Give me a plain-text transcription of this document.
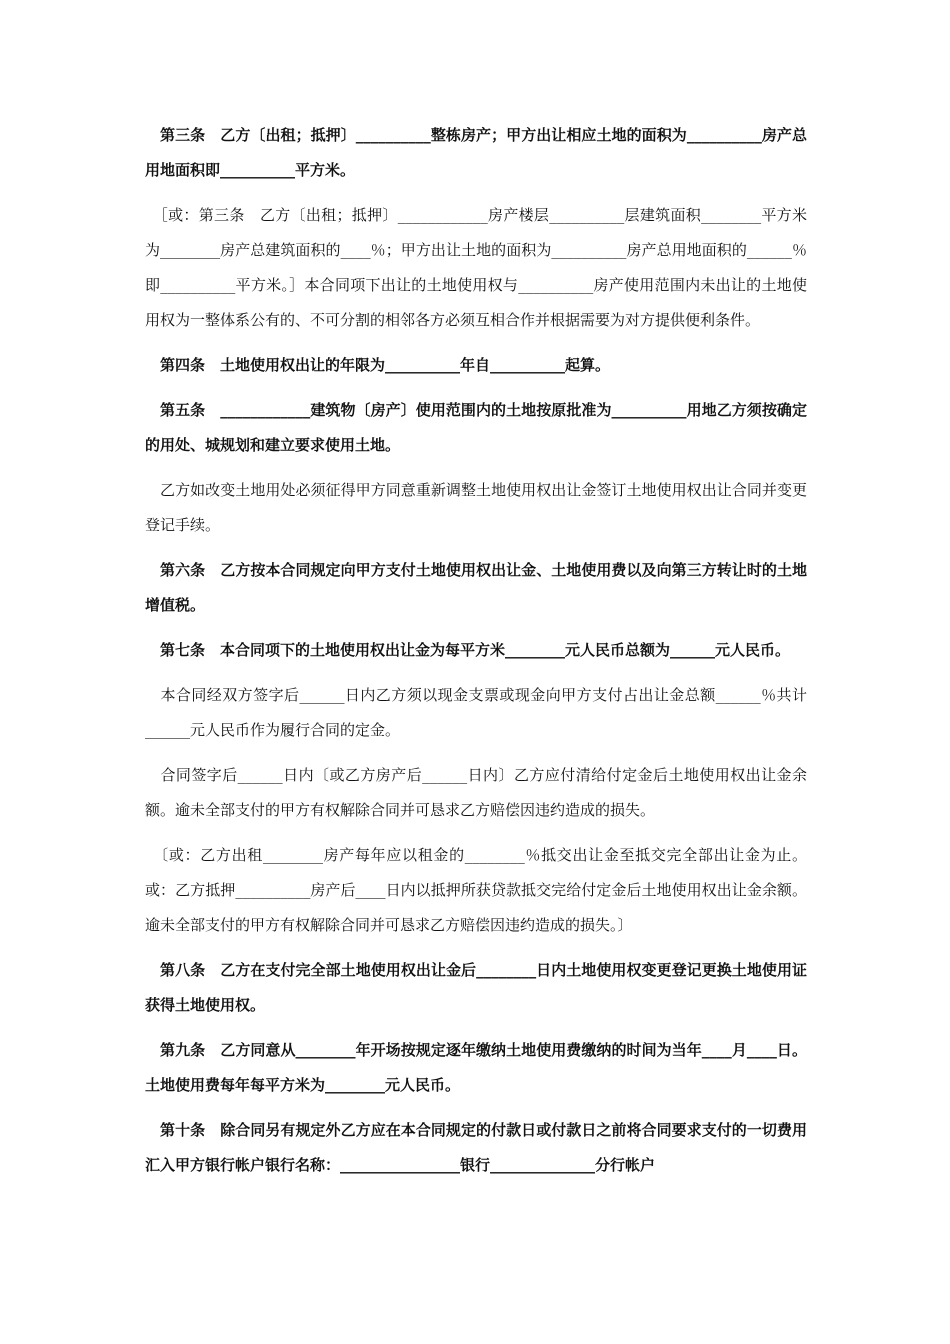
　第三条　乙方〔出租；抵押〕__________整栋房产；甲方出让相应土地的面积为__________房产总用地面积即__________平方米。
　［或：第三条　乙方〔出租；抵押〕____________房产楼层__________层建筑面积________平方米为________房产总建筑面积的____％；甲方出让土地的面积为__________房产总用地面积的______％即__________平方米。］本合同项下出让的土地使用权与__________房产使用范围内未出让的土地使用权为一整体系公有的、不可分割的相邻各方必须互相合作并根据需要为对方提供便利条件。
　第四条　土地使用权出让的年限为__________年自__________起算。
　第五条　____________建筑物〔房产〕使用范围内的土地按原批准为__________用地乙方须按确定的用处、城规划和建立要求使用土地。
　乙方如改变土地用处必须征得甲方同意重新调整土地使用权出让金签订土地使用权出让合同并变更登记手续。
　第六条　乙方按本合同规定向甲方支付土地使用权出让金、土地使用费以及向第三方转让时的土地增值税。
　第七条　本合同项下的土地使用权出让金为每平方米________元人民币总额为______元人民币。
　本合同经双方签字后______日内乙方须以现金支票或现金向甲方支付占出让金总额______％共计______元人民币作为履行合同的定金。
　合同签字后______日内〔或乙方房产后______日内〕乙方应付清给付定金后土地使用权出让金余额。逾未全部支付的甲方有权解除合同并可恳求乙方赔偿因违约造成的损失。
　〔或：乙方出租________房产每年应以租金的________％抵交出让金至抵交完全部出让金为止。或：乙方抵押__________房产后____日内以抵押所获贷款抵交完给付定金后土地使用权出让金余额。逾未全部支付的甲方有权解除合同并可恳求乙方赔偿因违约造成的损失。〕
　第八条　乙方在支付完全部土地使用权出让金后________日内土地使用权变更登记更换土地使用证获得土地使用权。
　第九条　乙方同意从________年开场按规定逐年缴纳土地使用费缴纳的时间为当年____月____日。土地使用费每年每平方米为________元人民币。
　第十条　除合同另有规定外乙方应在本合同规定的付款日或付款日之前将合同要求支付的一切费用汇入甲方银行帐户银行名称：________________银行______________分行帐户
